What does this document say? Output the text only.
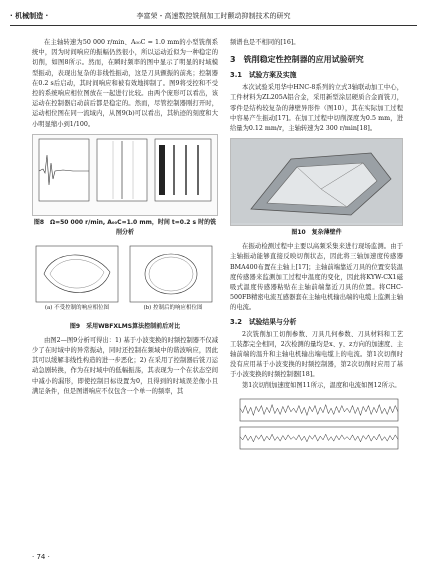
· 机械制造 ·	李富荣・高速数控铣削加工时颤动抑制技术的研究

在主轴转速为50 000 r/min、A₀₀C = 1.0 mm的小型铣削系统中，因为时间响应的振幅仍然很小，所以运动近似为一种稳定的切削，如图8所示。然而，在瞬时频率的图中显示了明显的时域模型振动，表现出复杂的非线性振动，这是刀具颤振的前兆；控制器在0.2 s后启动，其时间响应和被有效地抑制了。图9将受控和不受控的系统响应相位图放在一起进行比较。由两个庞形可以看出，该运动在控制器启动前后都是稳定的。然而，尽管控制器刚打开时，运动相位图在同一流域内，从图9(b)可以看出，其轨迹的刻度和大小明显缩小到1/100。

图8　Ω=50 000 r/min, A₀₀C=1.0 mm，时间 t=0.2 s 时的铣削分析
(a) 不受控制的响应相位图	(b) 控制后的响应相位图
图9　采用WBFXLMS算法控制前后对比

由图2—图9分析可得出：1) 基于小波变换的时频控制器不仅减少了在时域中的异常振动，同时还控制在频域中的谐波响应，因此其可以缓解非线性构造的进一步恶化；2) 在采用了控制器后铣刀运动急剧转换，作为在时域中的低幅振荡，其表现为一个在状态空间中减小的漏形，即使控制目标设置为0，且得到的时域误差像小且满足条件，但是图谱响应不仅包含一个单一的频率，其

频谱也是不相同的[16]。

3　铣削稳定性控制器的应用试验研究
3.1　试验方案及实施

本次试验采用华中HNC-8系列的立式3轴联动加工中心，工件材料为ZL205A铝合金，采用新型涂层硬质合金面铣刀，零件是结构较复杂的薄壁异形件（图10），其在实际加工过程中容易产生振动[17]。在加工过程中切削深度为0.5 mm，进给量为0.12 mm/r，主轴转速为2 300 r/min[18]。

图10　复杂薄壁件

在振动检测过程中主要以高频采集来进行现场监测。由于主轴振动能够直接反映切削状态，因此将三轴加速度传感器BMA400布置在主轴上[17]；主轴前端靠近刀具的位置安装温度传感器来监测加工过程中温度的变化，因此将KYW-CX1磁吸式温度传感器粘贴在主轴前端靠近刀具的位置。将CHC-500FB精密电流互感器套在主轴电机输出端的电缆上监测主轴的电流。

3.2　试验结果与分析

2次铣削加工切削参数、刀具几何参数、刀具材料和工艺工装都完全相同，2次检测的量均是x、y、z方向的加速度、主轴前端的温升和主轴电机输出端电缆上的电流。第1次切削时没有应用基于小波变换的时频控制器，第2次切削时应用了基于小波变换的时频控制器[18]。

第1次切削加速度如图11所示，温度和电流如图12所示。

· 74 ·
